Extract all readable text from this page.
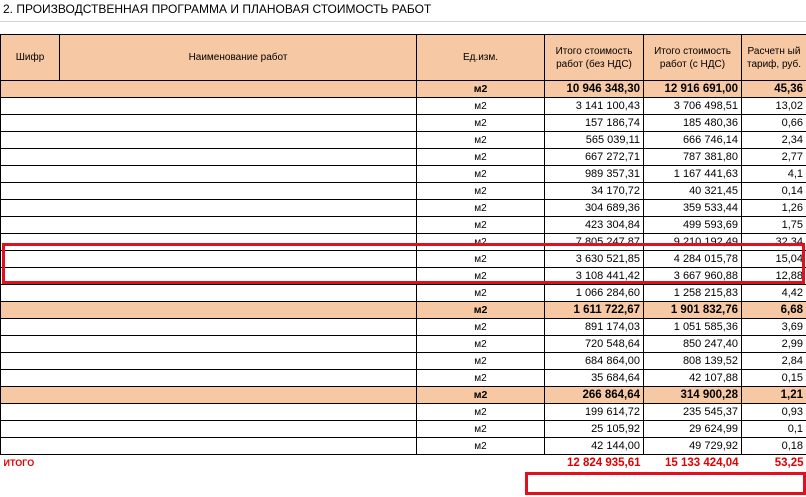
2. ПРОИЗВОДСТВЕННАЯ ПРОГРАММА И ПЛАНОВАЯ СТОИМОСТЬ РАБОТ
Шифр	Наименование работ	Ед.изм.	Итого стоимость работ (без НДС)	Итого стоимость работ (с НДС)	Расчетн ый тариф, руб.
		м2	10 946 348,30	12 916 691,00	45,36
		м2	3 141 100,43	3 706 498,51	13,02
		м2	157 186,74	185 480,36	0,66
		м2	565 039,11	666 746,14	2,34
		м2	667 272,71	787 381,80	2,77
		м2	989 357,31	1 167 441,63	4,1
		м2	34 170,72	40 321,45	0,14
		м2	304 689,36	359 533,44	1,26
		м2	423 304,84	499 593,69	1,75
		м2	7 805 247,87	9 210 192,49	32,34
		м2	3 630 521,85	4 284 015,78	15,04
		м2	3 108 441,42	3 667 960,88	12,88
		м2	1 066 284,60	1 258 215,83	4,42
		м2	1 611 722,67	1 901 832,76	6,68
		м2	891 174,03	1 051 585,36	3,69
		м2	720 548,64	850 247,40	2,99
		м2	684 864,00	808 139,52	2,84
		м2	35 684,64	42 107,88	0,15
		м2	266 864,64	314 900,28	1,21
		м2	199 614,72	235 545,37	0,93
		м2	25 105,92	29 624,99	0,1
		м2	42 144,00	49 729,92	0,18
ИТОГО			12 824 935,61	15 133 424,04	53,25
